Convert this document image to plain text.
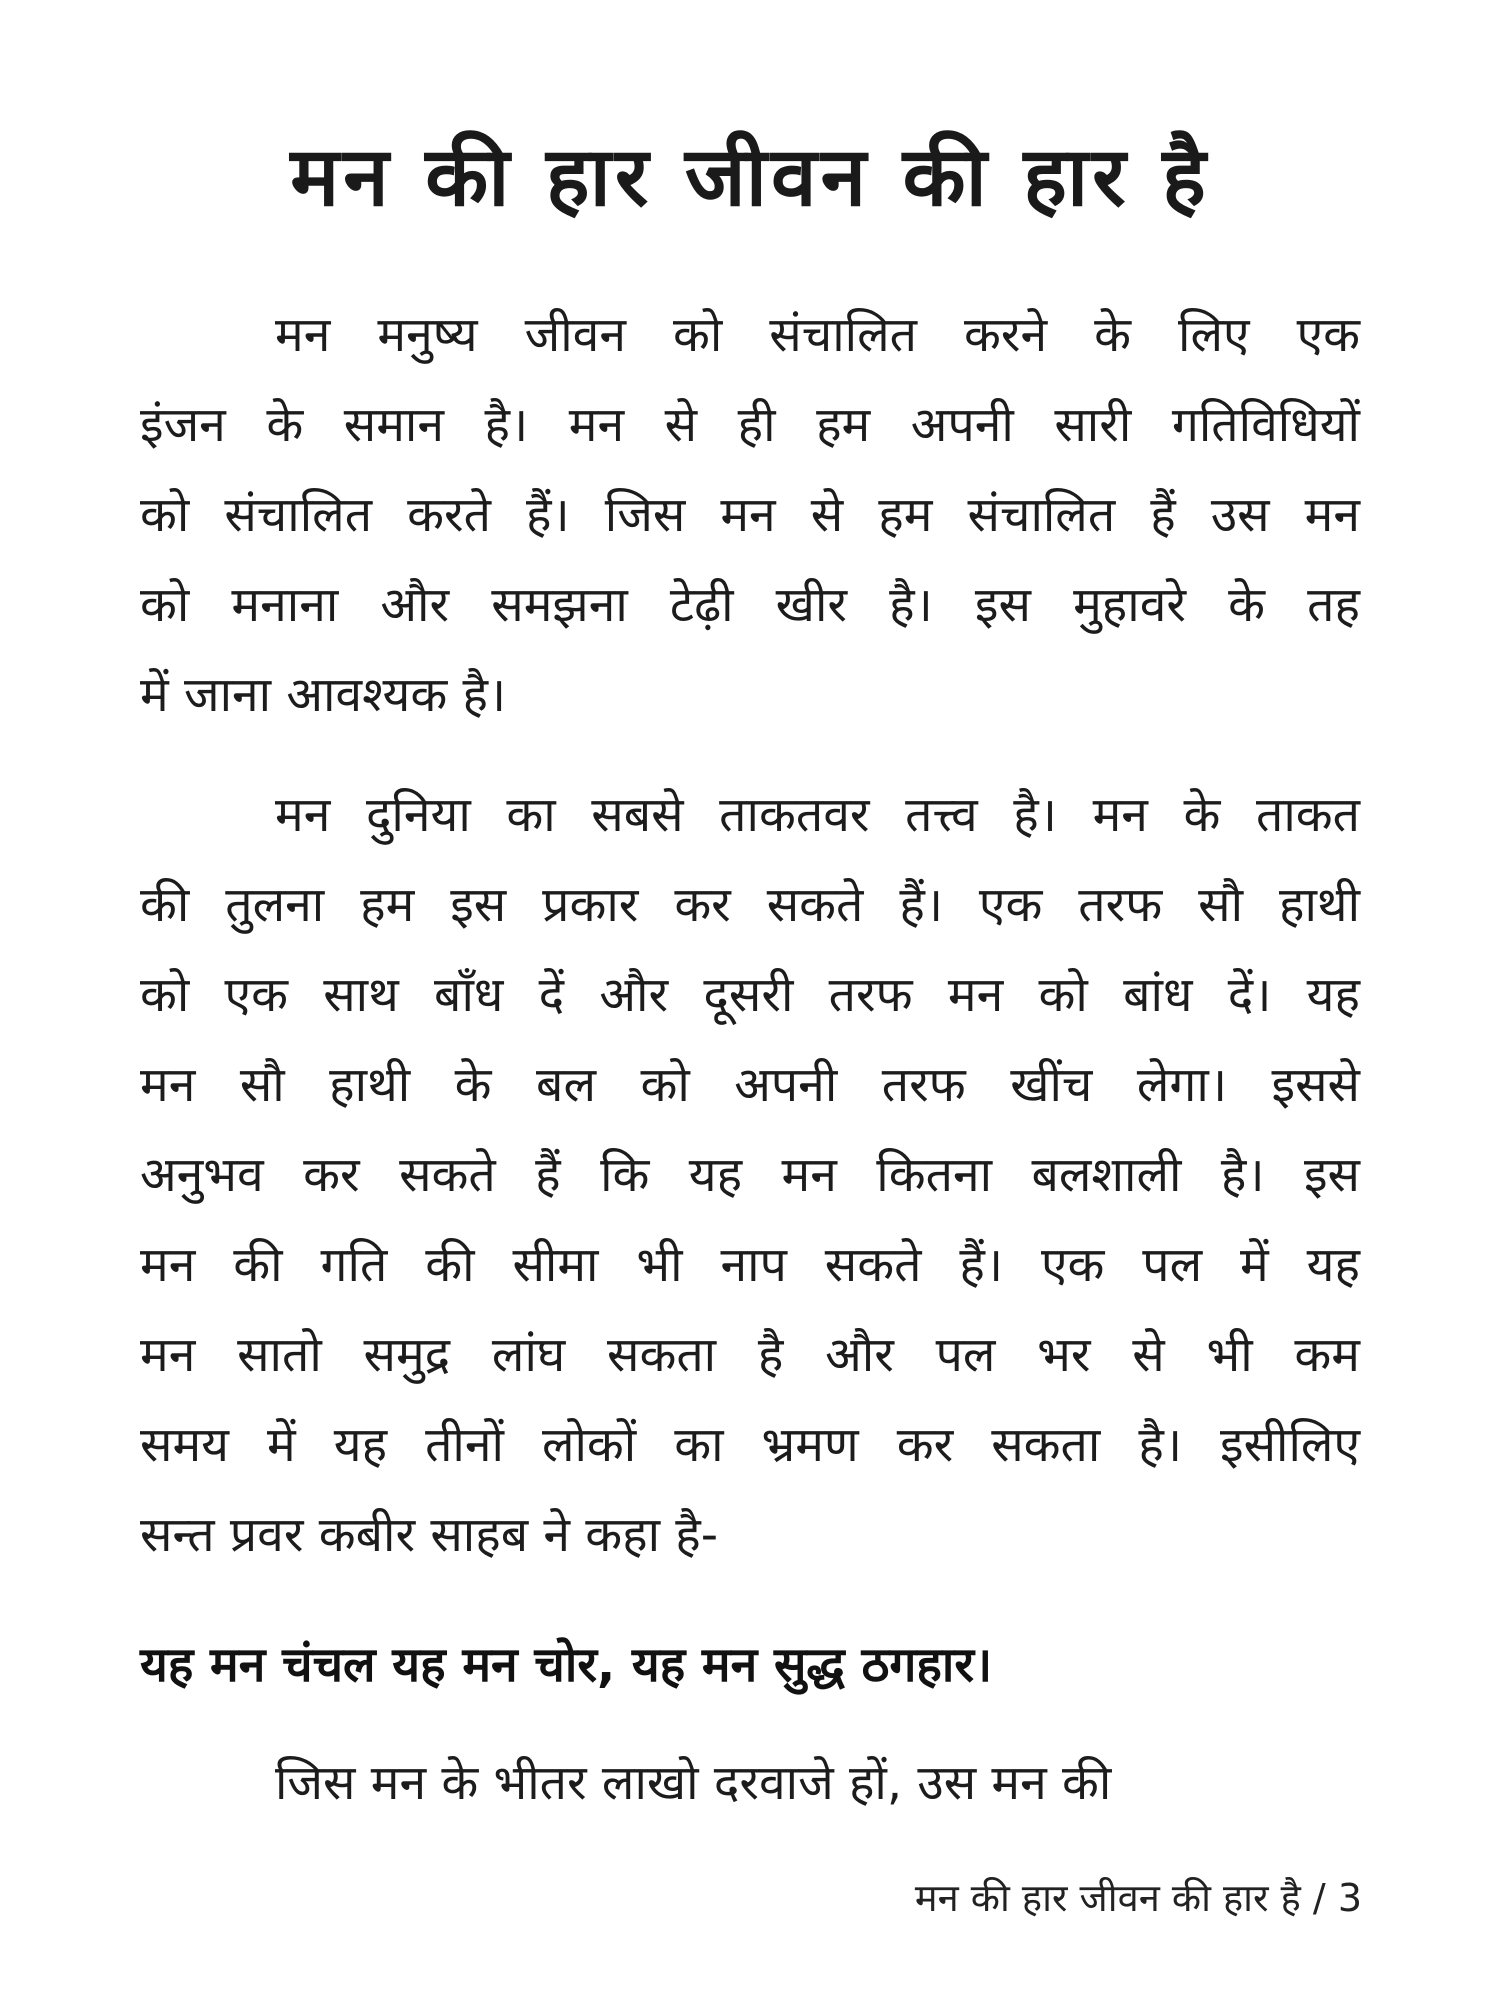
मन की हार जीवन की हार है
मन मनुष्य जीवन को संचालित करने के लिए एक
इंजन के समान है। मन से ही हम अपनी सारी गतिविधियों
को संचालित करते हैं। जिस मन से हम संचालित हैं उस मन
को मनाना और समझना टेढ़ी खीर है। इस मुहावरे के तह
में जाना आवश्यक है।
मन दुनिया का सबसे ताकतवर तत्त्व है। मन के ताकत
की तुलना हम इस प्रकार कर सकते हैं। एक तरफ सौ हाथी
को एक साथ बाँध दें और दूसरी तरफ मन को बांध दें। यह
मन सौ हाथी के बल को अपनी तरफ खींच लेगा। इससे
अनुभव कर सकते हैं कि यह मन कितना बलशाली है। इस
मन की गति की सीमा भी नाप सकते हैं। एक पल में यह
मन सातो समुद्र लांघ सकता है और पल भर से भी कम
समय में यह तीनों लोकों का भ्रमण कर सकता है। इसीलिए
सन्त प्रवर कबीर साहब ने कहा है-
यह मन चंचल यह मन चोर, यह मन सुद्ध ठगहार।
जिस मन के भीतर लाखो दरवाजे हों, उस मन की
मन की हार जीवन की हार है / 3
